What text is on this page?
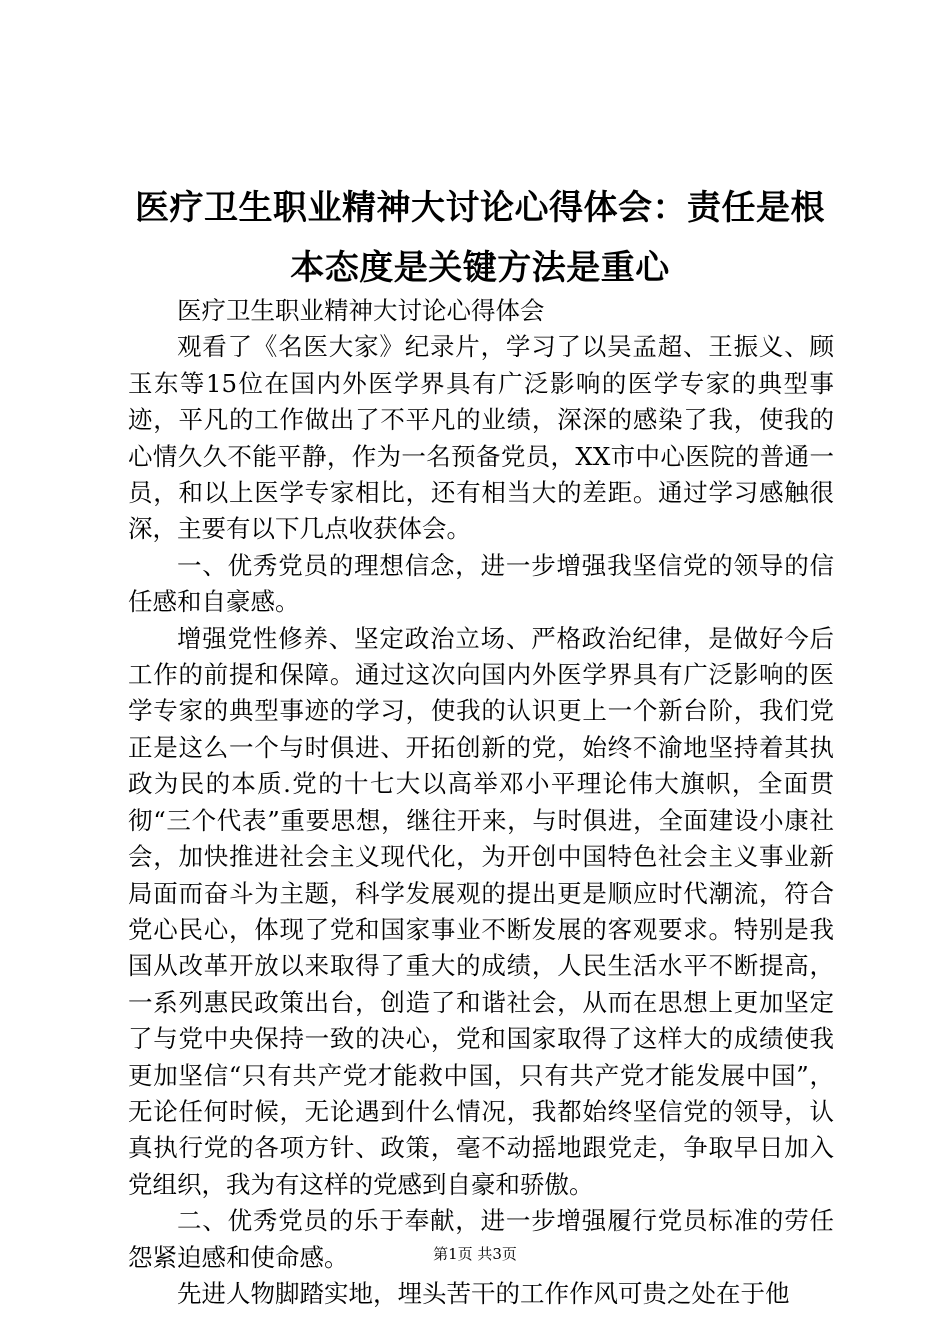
医疗卫生职业精神大讨论心得体会：责任是根本态度是关键方法是重心

医疗卫生职业精神大讨论心得体会

观看了《名医大家》纪录片，学习了以吴孟超、王振义、顾玉东等15位在国内外医学界具有广泛影响的医学专家的典型事迹，平凡的工作做出了不平凡的业绩，深深的感染了我，使我的心情久久不能平静，作为一名预备党员，XX市中心医院的普通一员，和以上医学专家相比，还有相当大的差距。通过学习感触很深，主要有以下几点收获体会。

一、优秀党员的理想信念，进一步增强我坚信党的领导的信任感和自豪感。

增强党性修养、坚定政治立场、严格政治纪律，是做好今后工作的前提和保障。通过这次向国内外医学界具有广泛影响的医学专家的典型事迹的学习，使我的认识更上一个新台阶，我们党正是这么一个与时俱进、开拓创新的党，始终不渝地坚持着其执政为民的本质.党的十七大以高举邓小平理论伟大旗帜，全面贯彻“三个代表”重要思想，继往开来，与时俱进，全面建设小康社会，加快推进社会主义现代化，为开创中国特色社会主义事业新局面而奋斗为主题，科学发展观的提出更是顺应时代潮流，符合党心民心，体现了党和国家事业不断发展的客观要求。特别是我国从改革开放以来取得了重大的成绩，人民生活水平不断提高，一系列惠民政策出台，创造了和谐社会，从而在思想上更加坚定了与党中央保持一致的决心，党和国家取得了这样大的成绩使我更加坚信“只有共产党才能救中国，只有共产党才能发展中国”，无论任何时候，无论遇到什么情况，我都始终坚信党的领导，认真执行党的各项方针、政策，毫不动摇地跟党走，争取早日加入党组织，我为有这样的党感到自豪和骄傲。

二、优秀党员的乐于奉献，进一步增强履行党员标准的劳任怨紧迫感和使命感。

先进人物脚踏实地，埋头苦干的工作作风可贵之处在于他

第1页 共3页
